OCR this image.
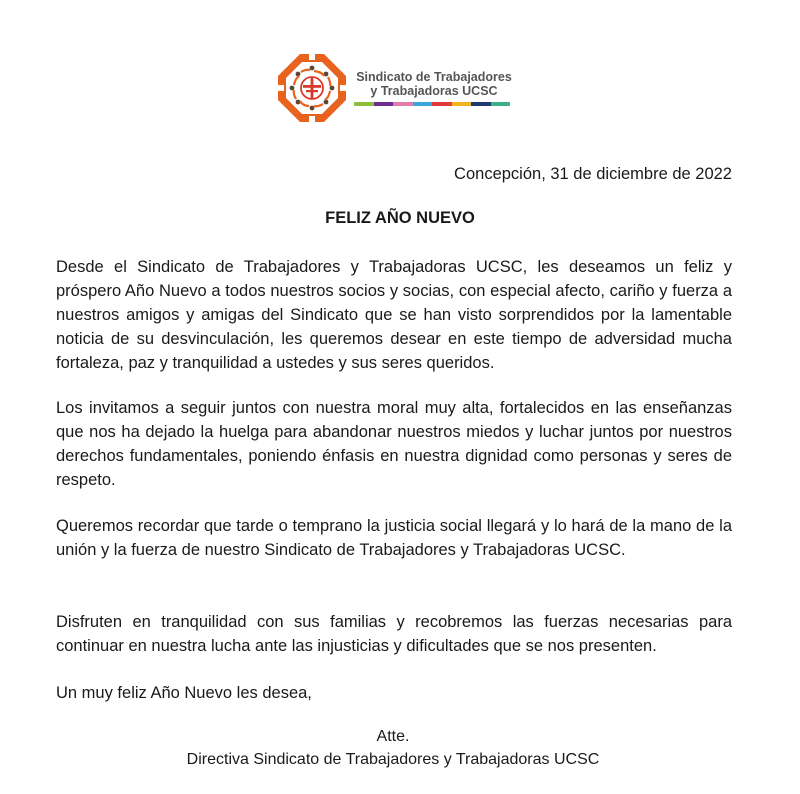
Sindicato de Trabajadores
y Trabajadoras UCSC
Concepción, 31 de diciembre de 2022
FELIZ AÑO NUEVO

Desde el Sindicato de Trabajadores y Trabajadoras UCSC, les deseamos un feliz y próspero Año Nuevo a todos nuestros socios y socias, con especial afecto, cariño y fuerza a nuestros amigos y amigas del Sindicato que se han visto sorprendidos por la lamentable noticia de su desvinculación, les queremos desear en este tiempo de adversidad mucha fortaleza, paz y tranquilidad a ustedes y sus seres queridos.

Los invitamos a seguir juntos con nuestra moral muy alta, fortalecidos en las enseñanzas que nos ha dejado la huelga para abandonar nuestros miedos y luchar juntos por nuestros derechos fundamentales, poniendo énfasis en nuestra dignidad como personas y seres de respeto.

Queremos recordar que tarde o temprano la justicia social llegará y lo hará de la mano de la unión y la fuerza de nuestro Sindicato de Trabajadores y Trabajadoras UCSC.

Disfruten en tranquilidad con sus familias y recobremos las fuerzas necesarias para continuar en nuestra lucha ante las injusticias y dificultades que se nos presenten.

Un muy feliz Año Nuevo les desea,
Atte.
Directiva Sindicato de Trabajadores y Trabajadoras UCSC
